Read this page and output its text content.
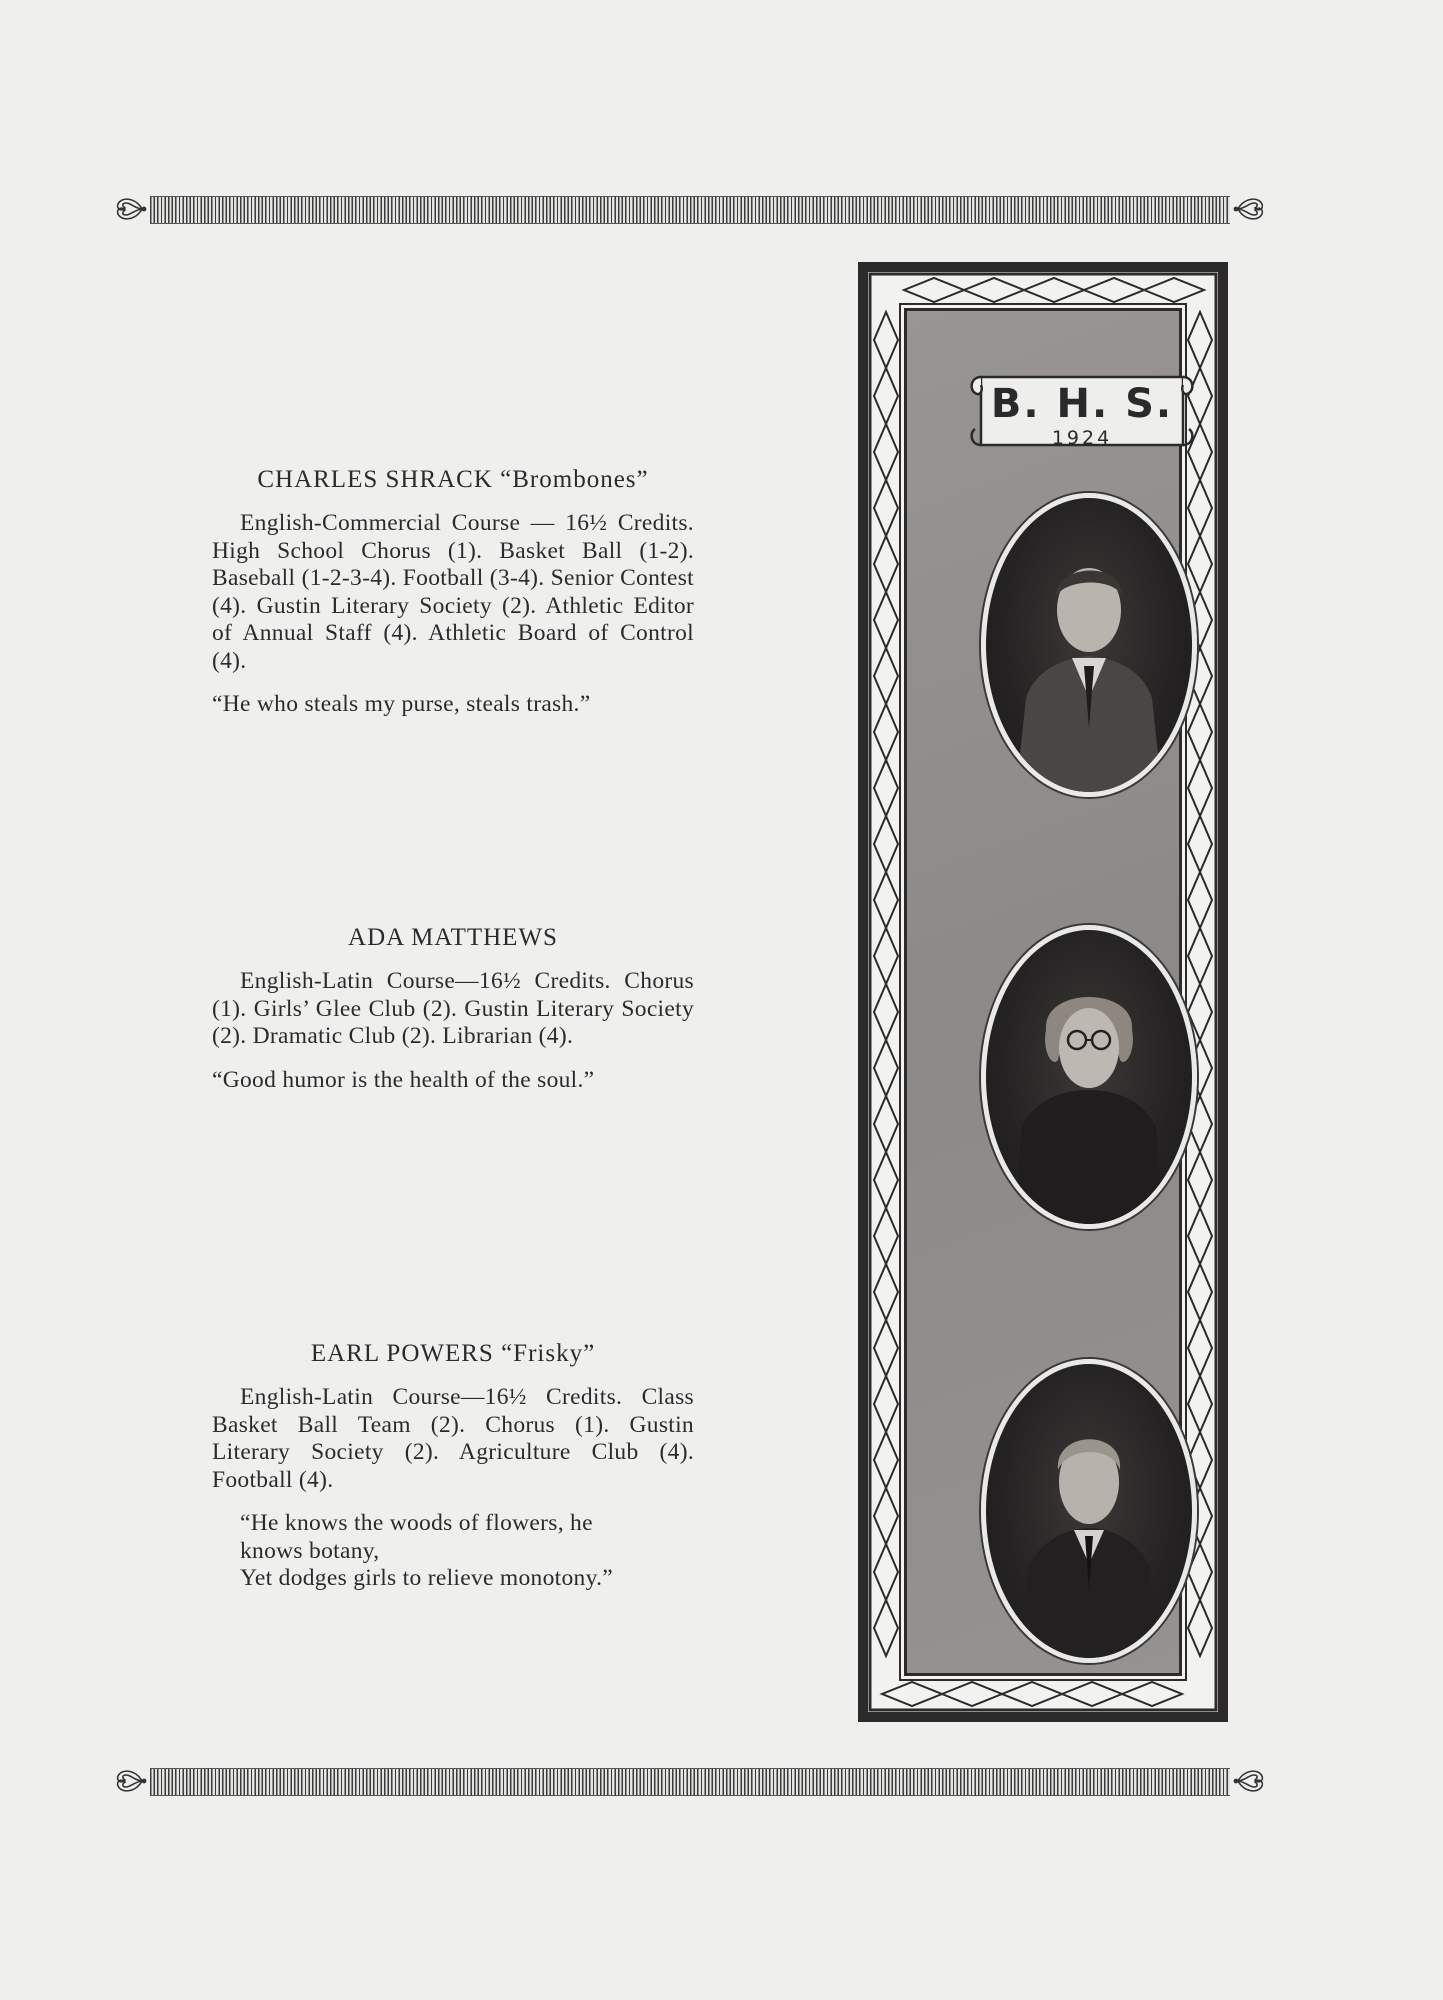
CHARLES SHRACK “Brombones”

English-Commercial Course — 16½ Credits. High School Chorus (1). Basket Ball (1-2). Baseball (1-2-3-4). Football (3-4). Senior Contest (4). Gustin Literary Society (2). Athletic Editor of Annual Staff (4). Athletic Board of Control (4).

“He who steals my purse, steals trash.”

ADA MATTHEWS

English-Latin Course—16½ Credits. Chorus (1). Girls’ Glee Club (2). Gustin Literary Society (2). Dramatic Club (2). Librarian (4).

“Good humor is the health of the soul.”

EARL POWERS “Frisky”

English-Latin Course—16½ Credits. Class Basket Ball Team (2). Chorus (1). Gustin Literary Society (2). Agriculture Club (4). Football (4).

“He knows the woods of flowers, he
knows botany,
Yet dodges girls to relieve monotony.”

B. H. S.
1924
